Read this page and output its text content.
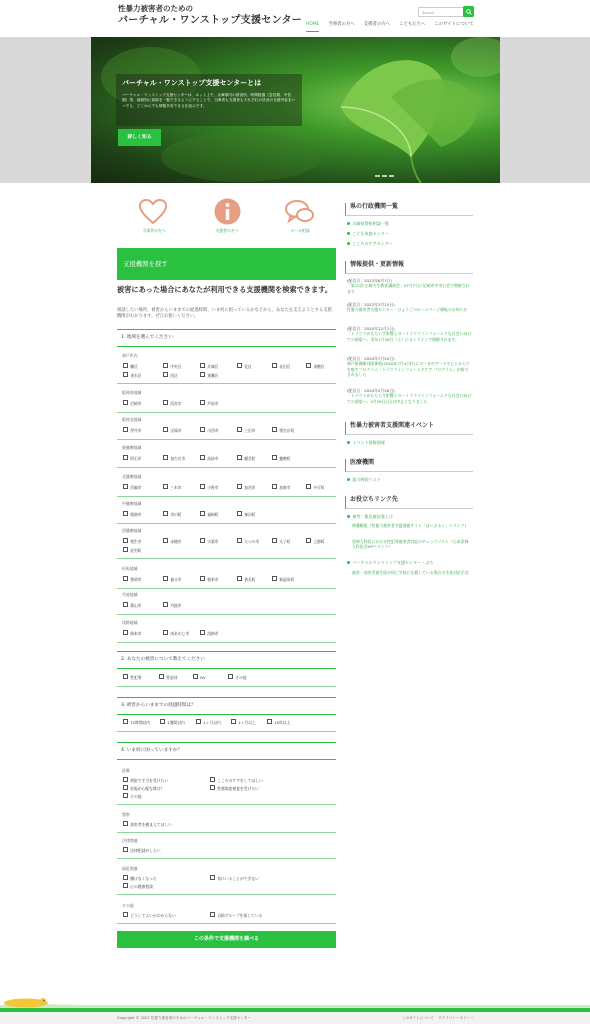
性暴力被害者のための
バーチャル・ワンストップ支援センター
Search
HOME 当事者の方へ 支援者の方へ こどもたちへ このサイトについて
バーチャル・ワンストップ支援センターとは
バーチャル・ワンストップ支援センターは、ネット上で、兵庫県内の被害別、時間経過（急性期、中長期）別、地域別に資源を一覧できるようにすることで、当事者も支援者もそれぞれの状況の支援内容をいつでも、どこからでも情報共有できる仕組みです。
詳しく知る
当事者の方へ	支援者の方へ	メール相談
支援機関を探す
被害にあった場合にあなたが利用できる支援機関を検索できます。
相談したい場所、被害からいままでの経過時間、いま何に困っているかなどから、あなたを支えようとする支援機関がわかります。ぜひお使いください。
1. 地域を選んでください
神戸市内
灘区	中央区	兵庫区	北区	長田区	須磨区
垂水区	西区	東灘区
阪神南地域
尼崎市	西宮市	芦屋市
阪神北地域
伊丹市	宝塚市	川西市	三田市	猪名川町
東播磨地域
明石市	加古川市	高砂市	稲美町	播磨町
北播磨地域
西脇市	三木市	小野市	加西市	加東市	多可町
中播磨地域
姫路市	市川町	福崎町	神河町
西播磨地域
相生市	赤穂市	宍粟市	たつの市	太子町	上郡町
佐用町
但馬地域
豊岡市	養父市	朝来市	香美町	新温泉町
丹波地域
篠山市	丹波市
淡路地域
洲本市	南あわじ市	淡路市
2. あなたの被害について教えてください
性犯罪	性虐待	DV	その他
3. 被害からいままでの経過時間は？
72時間以内	1週間以内	1ヶ月以内	1ヶ月以上	10年以上
4. いま何に困っていますか？
医療
病院で手当を受けたい	こころのケアをしてほしい
妊娠が心配な時は？	性感染症検査を受けたい
その他
警察
加害者を捕まえてほしい
法律関連
法律相談がしたい
福祉関連
働けなくなった	家にいることができない
心の健康相談
その他
どうしてよいかわからない	自助グループを探している
この条件で支援機関を調べる
県の行政機関一覧
兵庫県警察相談一覧
こども家庭センター
こころのケアセンター
情報提供・更新情報
(配信日：2022年6月7日)
「第15回 広崎今生教育講演会」07月7日に尼崎市中央公会で開催されます
(配信日：2022年3月15日)
性暴力被害者支援センター・ひょうごのホームページ移転のお知らせ
(配信日：2020年12月2日)
「トラウマがもたらす影響とヨートラウマインフォームドな社会に向けての展望～」美年1月30日（土）にオンラインで開催されます。
(配信日：2020年7月20日)
神戸新聞朝刊阪神版(2020年7月4日付)にヨーガがアートで心とからだを癒すプログラム「トラウマインフォームドケア プログラム」が紹介されました
(配信日：2020年2月26日)
「トラウマがもたらす影響とヨートラウマインフォームドな社会に向けての展望～」3月29日(日)は中止となりました
性暴力被害者支援関連イベント
イベント情報情報
医療機関
協力病院リスト
お役立ちリンク先
参考：緊急避妊薬とは
辨護解説（性暴力被害者支援情報サイト「ぽ～ぷるぐ」ヘリンク)
産婦人科医における性犯罪被害者対応のチェックリスト（日本産婦人科医会HPへリンク）
バーチャルワンストップ支援センター・ぷろ
被害・加害児童生徒が同じ学校に在籍している場合の生徒対応手法
Copyright © 2022 性暴力被害者のためのバーチャル・ワンストップ支援センター	このサイトについて プライバシーポリシー
